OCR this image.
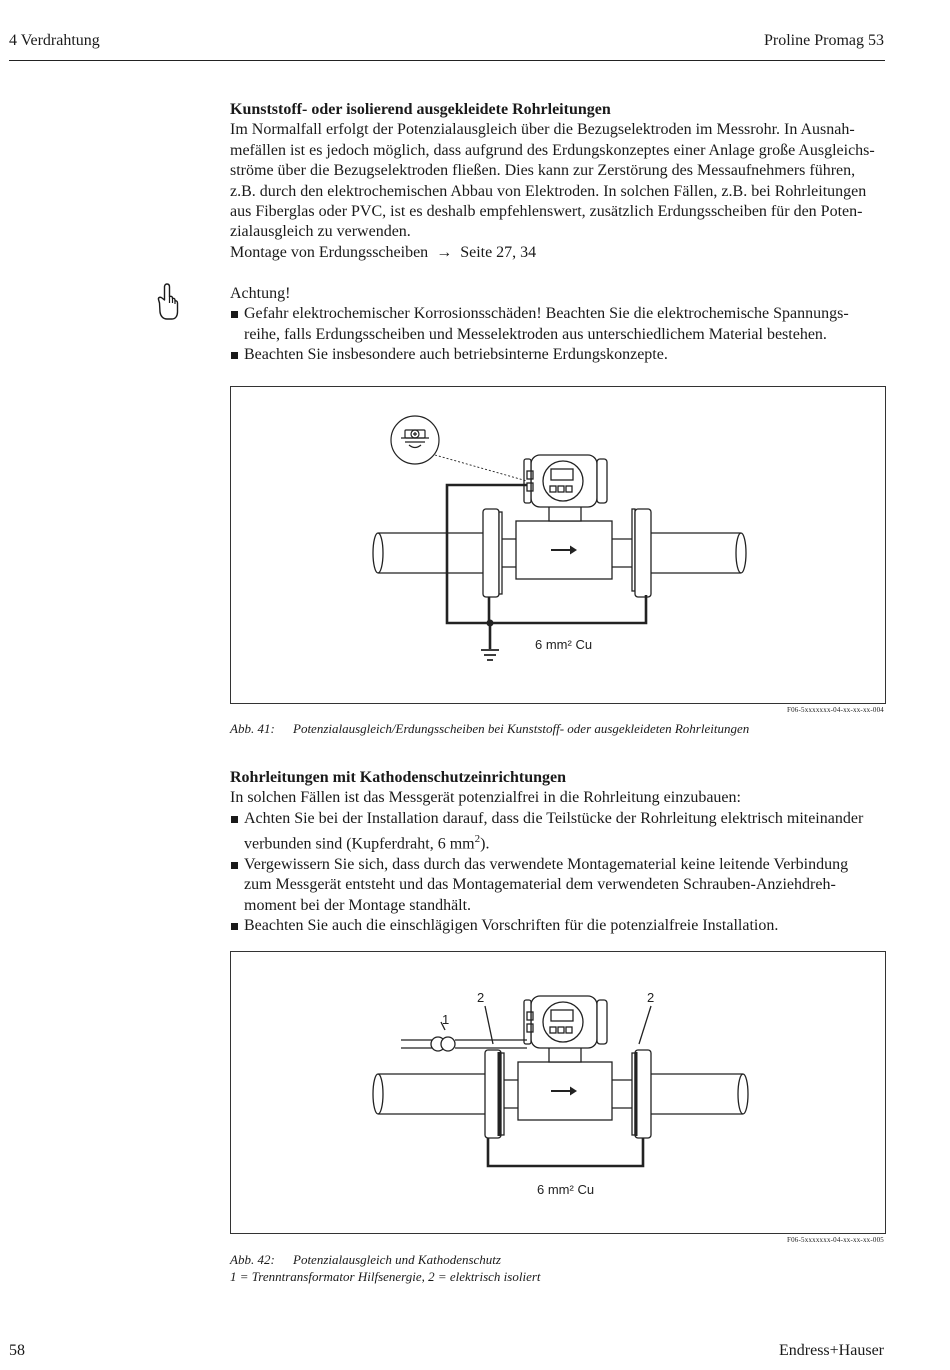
4 Verdrahtung	Proline Promag 53
Kunststoff- oder isolierend ausgekleidete Rohrleitungen

Im Normalfall erfolgt der Potenzialausgleich über die Bezugselektroden im Messrohr. In Ausnah-

mefällen ist es jedoch möglich, dass aufgrund des Erdungskonzeptes einer Anlage große Ausgleichs-

ströme über die Bezugselektroden fließen. Dies kann zur Zerstörung des Messaufnehmers führen,

z.B. durch den elektrochemischen Abbau von Elektroden. In solchen Fällen, z.B. bei Rohrleitungen

aus Fiberglas oder PVC, ist es deshalb empfehlenswert, zusätzlich Erdungsscheiben für den Poten-

zialausgleich zu verwenden.

Montage von Erdungsscheiben → Seite 27, 34

Achtung!

Gefahr elektrochemischer Korrosionsschäden! Beachten Sie die elektrochemische Spannungs-
reihe, falls Erdungsscheiben und Messelektroden aus unterschiedlichem Material bestehen.
Beachten Sie insbesondere auch betriebsinterne Erdungskonzepte.
6 mm² Cu
F06-5xxxxxxx-04-xx-xx-xx-004
Abb. 41: Potenzialausgleich/Erdungsscheiben bei Kunststoff- oder ausgekleideten Rohrleitungen
Rohrleitungen mit Kathodenschutzeinrichtungen

In solchen Fällen ist das Messgerät potenzialfrei in die Rohrleitung einzubauen:

Achten Sie bei der Installation darauf, dass die Teilstücke der Rohrleitung elektrisch miteinander
verbunden sind (Kupferdraht, 6 $mm^2$).
Vergewissern Sie sich, dass durch das verwendete Montagematerial keine leitende Verbindung
zum Messgerät entsteht und das Montagematerial dem verwendeten Schrauben-Anziehdreh-
moment bei der Montage standhält.
Beachten Sie auch die einschlägigen Vorschriften für die potenzialfreie Installation.
1
2	2
6 mm² Cu
F06-5xxxxxxx-04-xx-xx-xx-005
Abb. 42: Potenzialausgleich und Kathodenschutz
1 = Trenntransformator Hilfsenergie, 2 = elektrisch isoliert
58	Endress+Hauser
